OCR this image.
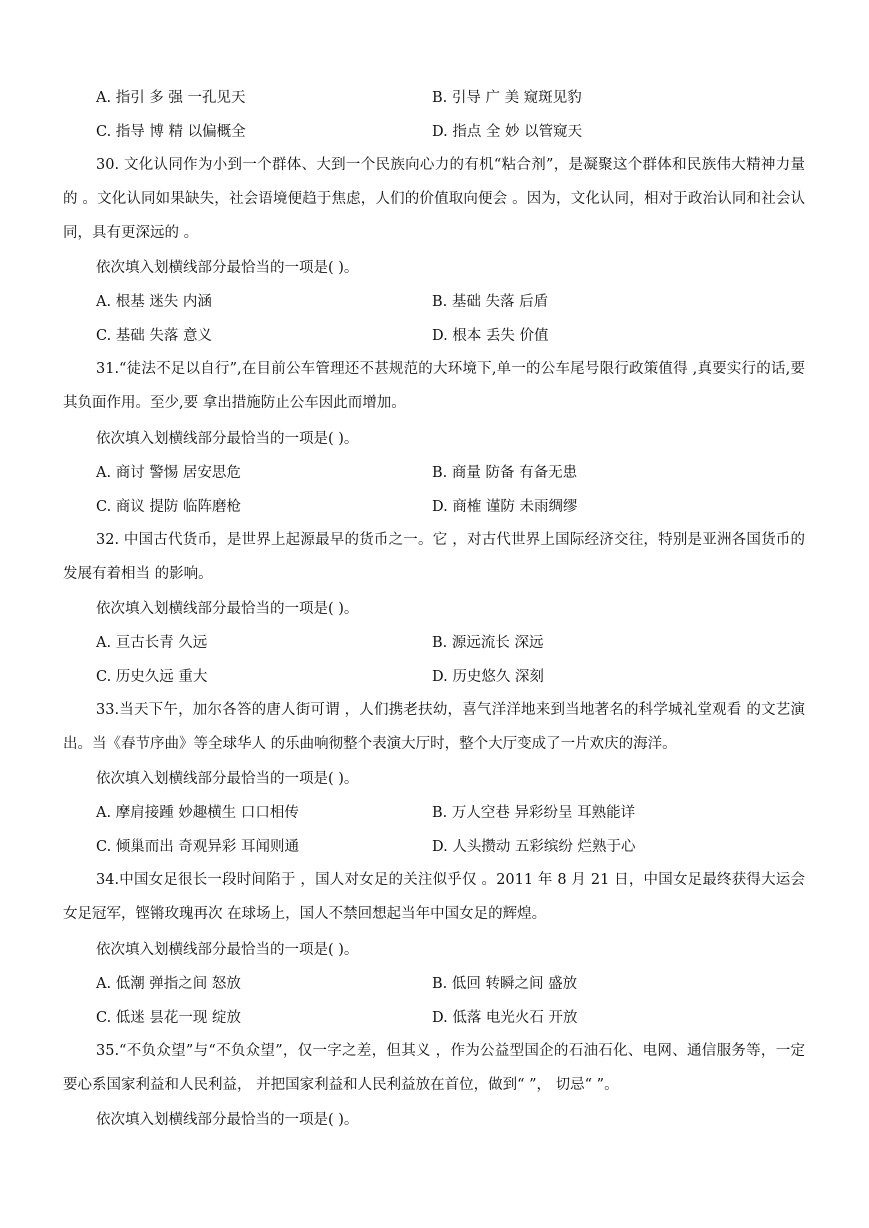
A. 指引 多 强 一孔见天	B. 引导 广 美 窥斑见豹
C. 指导 博 精 以偏概全	D. 指点 全 妙 以管窥天

30. 文化认同作为小到一个群体、大到一个民族向心力的有机“粘合剂”，是凝聚这个群体和民族伟大精神力量的 。文化认同如果缺失，社会语境便趋于焦虑，人们的价值取向便会 。因为，文化认同，相对于政治认同和社会认同，具有更深远的 。

依次填入划横线部分最恰当的一项是( )。
A. 根基 迷失 内涵	B. 基础 失落 后盾
C. 基础 失落 意义	D. 根本 丢失 价值

31.“徒法不足以自行”,在目前公车管理还不甚规范的大环境下,单一的公车尾号限行政策值得 ,真要实行的话,要 其负面作用。至少,要 拿出措施防止公车因此而增加。

依次填入划横线部分最恰当的一项是( )。
A. 商讨 警惕 居安思危	B. 商量 防备 有备无患
C. 商议 提防 临阵磨枪	D. 商榷 谨防 未雨绸缪

32. 中国古代货币，是世界上起源最早的货币之一。它 ，对古代世界上国际经济交往，特别是亚洲各国货币的发展有着相当 的影响。

依次填入划横线部分最恰当的一项是( )。
A. 亘古长青 久远	B. 源远流长 深远
C. 历史久远 重大	D. 历史悠久 深刻

33.当天下午，加尔各答的唐人街可谓 ，人们携老扶幼，喜气洋洋地来到当地著名的科学城礼堂观看 的文艺演出。当《春节序曲》等全球华人 的乐曲响彻整个表演大厅时，整个大厅变成了一片欢庆的海洋。

依次填入划横线部分最恰当的一项是( )。
A. 摩肩接踵 妙趣横生 口口相传	B. 万人空巷 异彩纷呈 耳熟能详
C. 倾巢而出 奇观异彩 耳闻则通	D. 人头攒动 五彩缤纷 烂熟于心

34.中国女足很长一段时间陷于 ，国人对女足的关注似乎仅 。2011 年 8 月 21 日，中国女足最终获得大运会女足冠军，铿锵玫瑰再次 在球场上，国人不禁回想起当年中国女足的辉煌。

依次填入划横线部分最恰当的一项是( )。
A. 低潮 弹指之间 怒放	B. 低回 转瞬之间 盛放
C. 低迷 昙花一现 绽放	D. 低落 电光火石 开放

35.“不负众望”与“不负众望”，仅一字之差，但其义 ，作为公益型国企的石油石化、电网、通信服务等，一定要心系国家利益和人民利益， 并把国家利益和人民利益放在首位，做到“ ”， 切忌“ ”。

依次填入划横线部分最恰当的一项是( )。
